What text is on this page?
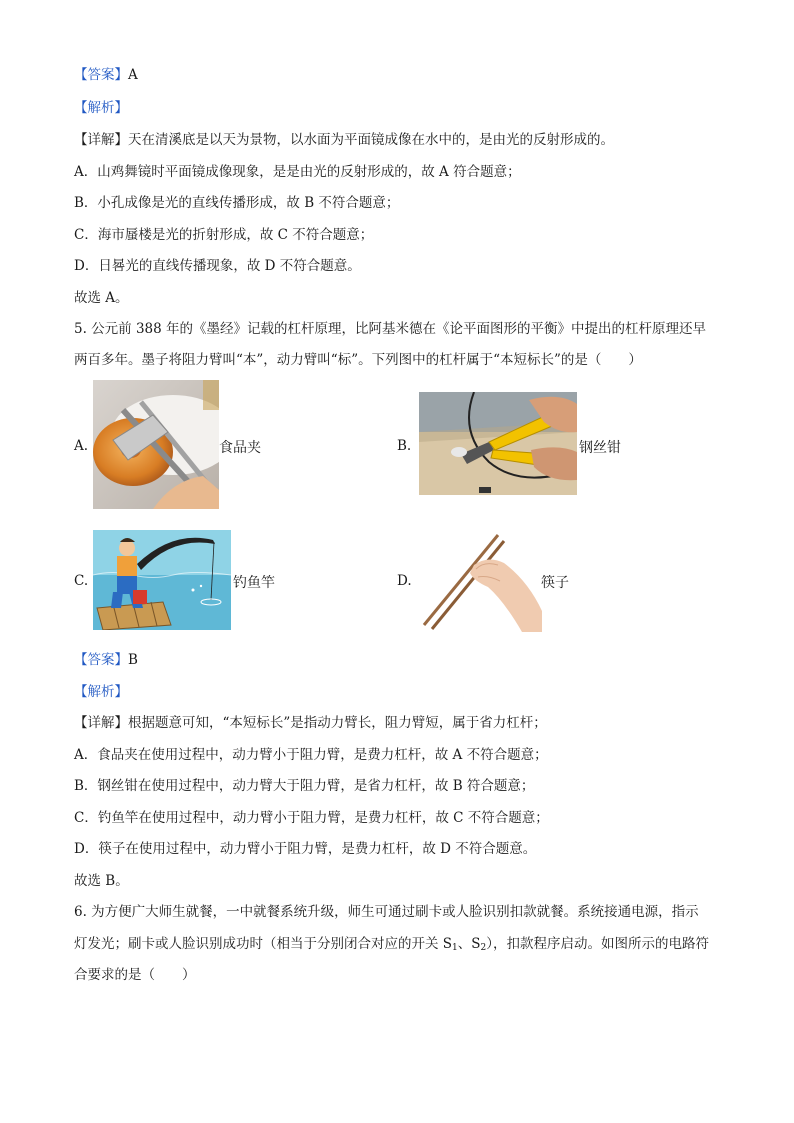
【答案】A
【解析】
【详解】天在清溪底是以天为景物，以水面为平面镜成像在水中的，是由光的反射形成的。
A．山鸡舞镜时平面镜成像现象，是是由光的反射形成的，故 A 符合题意；
B．小孔成像是光的直线传播形成，故 B 不符合题意；
C．海市蜃楼是光的折射形成，故 C 不符合题意；
D．日晷光的直线传播现象，故 D 不符合题意。
故选 A。
5. 公元前 388 年的《墨经》记载的杠杆原理，比阿基米德在《论平面图形的平衡》中提出的杠杆原理还早
两百多年。墨子将阻力臂叫“本”，动力臂叫“标”。下列图中的杠杆属于“本短标长”的是（　　）
A.	食品夹	B.	钢丝钳
C.	钓鱼竿	D.	筷子
【答案】B
【解析】
【详解】根据题意可知，“本短标长”是指动力臂长，阻力臂短，属于省力杠杆；
A．食品夹在使用过程中，动力臂小于阻力臂，是费力杠杆，故 A 不符合题意；
B．钢丝钳在使用过程中，动力臂大于阻力臂，是省力杠杆，故 B 符合题意；
C．钓鱼竿在使用过程中，动力臂小于阻力臂，是费力杠杆，故 C 不符合题意；
D．筷子在使用过程中，动力臂小于阻力臂，是费力杠杆，故 D 不符合题意。
故选 B。
6. 为方便广大师生就餐，一中就餐系统升级，师生可通过刷卡或人脸识别扣款就餐。系统接通电源，指示
灯发光；刷卡或人脸识别成功时（相当于分别闭合对应的开关 $S_1$、$S_2$），扣款程序启动。如图所示的电路符
合要求的是（　　）
